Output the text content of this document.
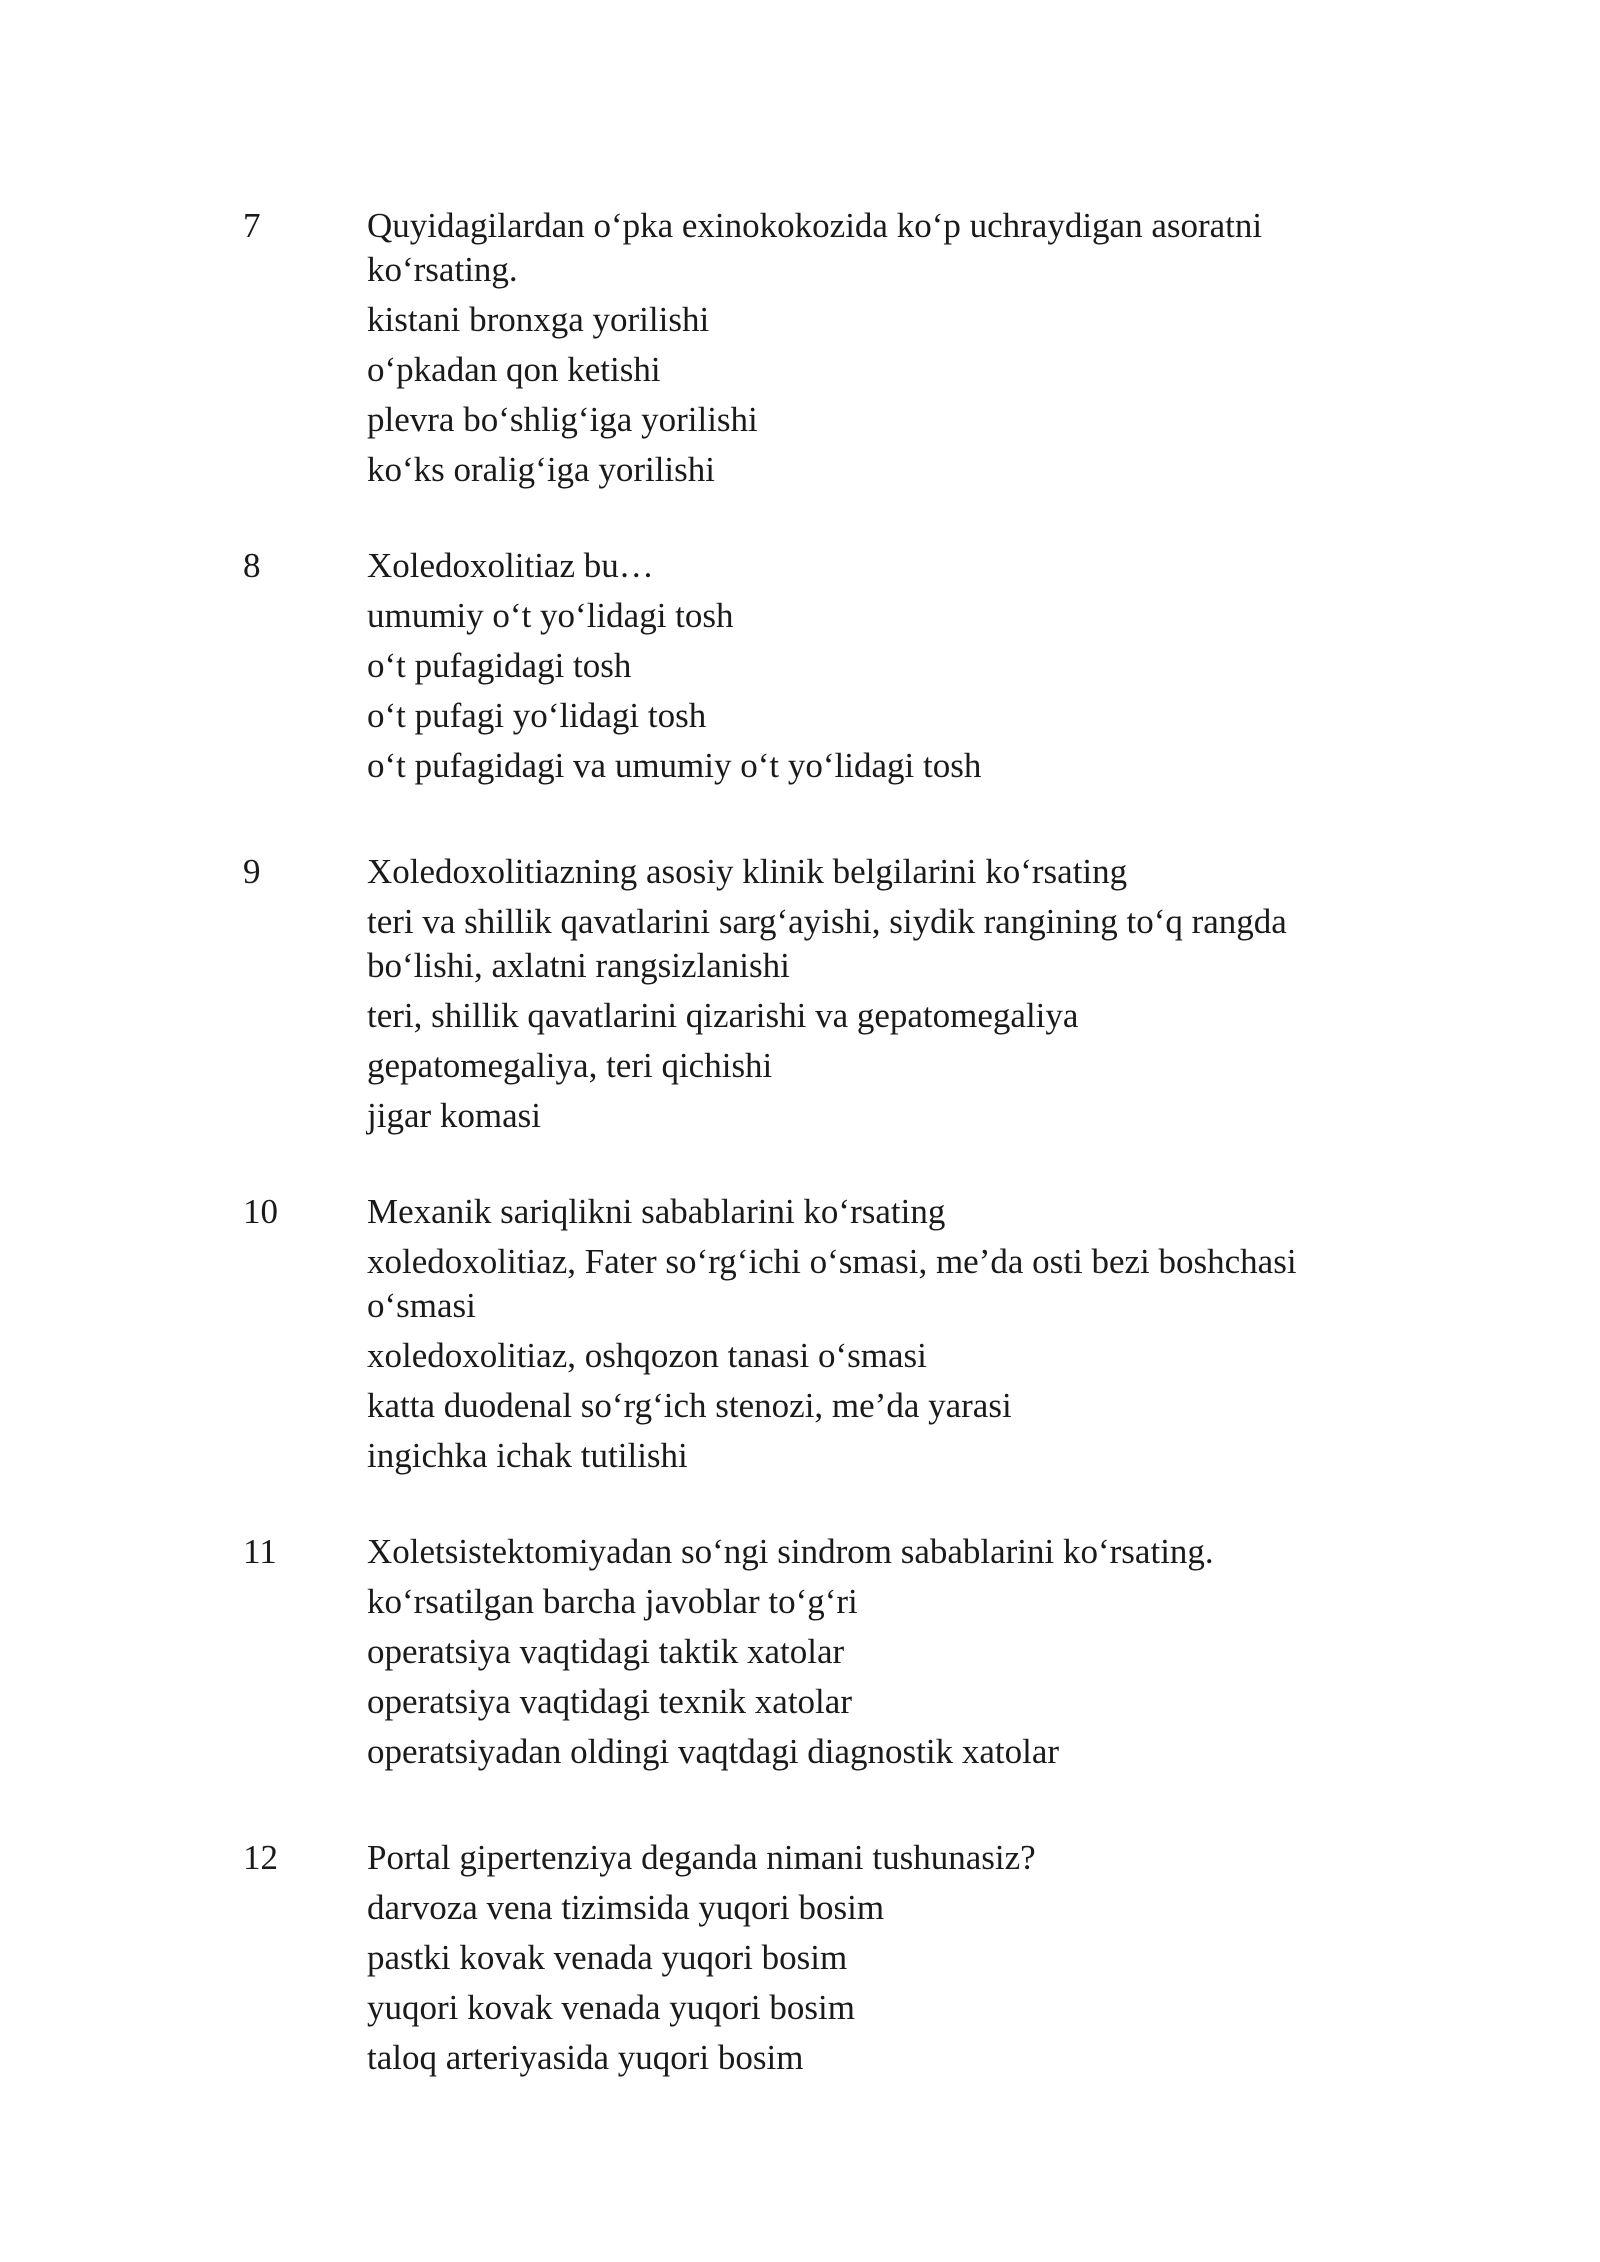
7	Quyidagilardan o‘pka exinokokozida ko‘p uchraydigan asoratni ko‘rsating.
kistani bronxga yorilishi
o‘pkadan qon ketishi
plevra bo‘shlig‘iga yorilishi
ko‘ks oralig‘iga yorilishi
8	Xoledoxolitiaz bu…
umumiy o‘t yo‘lidagi tosh
o‘t pufagidagi tosh
o‘t pufagi yo‘lidagi tosh
o‘t pufagidagi va umumiy o‘t yo‘lidagi tosh
9	Xoledoxolitiazning asosiy klinik belgilarini ko‘rsating
teri va shillik qavatlarini sarg‘ayishi, siydik rangining to‘q rangda bo‘lishi, axlatni rangsizlanishi
teri, shillik qavatlarini qizarishi va gepatomegaliya
gepatomegaliya, teri qichishi
jigar komasi
10	Mexanik sariqlikni sabablarini ko‘rsating
xoledoxolitiaz, Fater so‘rg‘ichi o‘smasi, me’da osti bezi boshchasi o‘smasi
xoledoxolitiaz, oshqozon tanasi o‘smasi
katta duodenal so‘rg‘ich stenozi, me’da yarasi
ingichka ichak tutilishi
11	Xoletsistektomiyadan so‘ngi sindrom sabablarini ko‘rsating.
ko‘rsatilgan barcha javoblar to‘g‘ri
operatsiya vaqtidagi taktik xatolar
operatsiya vaqtidagi texnik xatolar
operatsiyadan oldingi vaqtdagi diagnostik xatolar
12	Portal gipertenziya deganda nimani tushunasiz?
darvoza vena tizimsida yuqori bosim
pastki kovak venada yuqori bosim
yuqori kovak venada yuqori bosim
taloq arteriyasida yuqori bosim
